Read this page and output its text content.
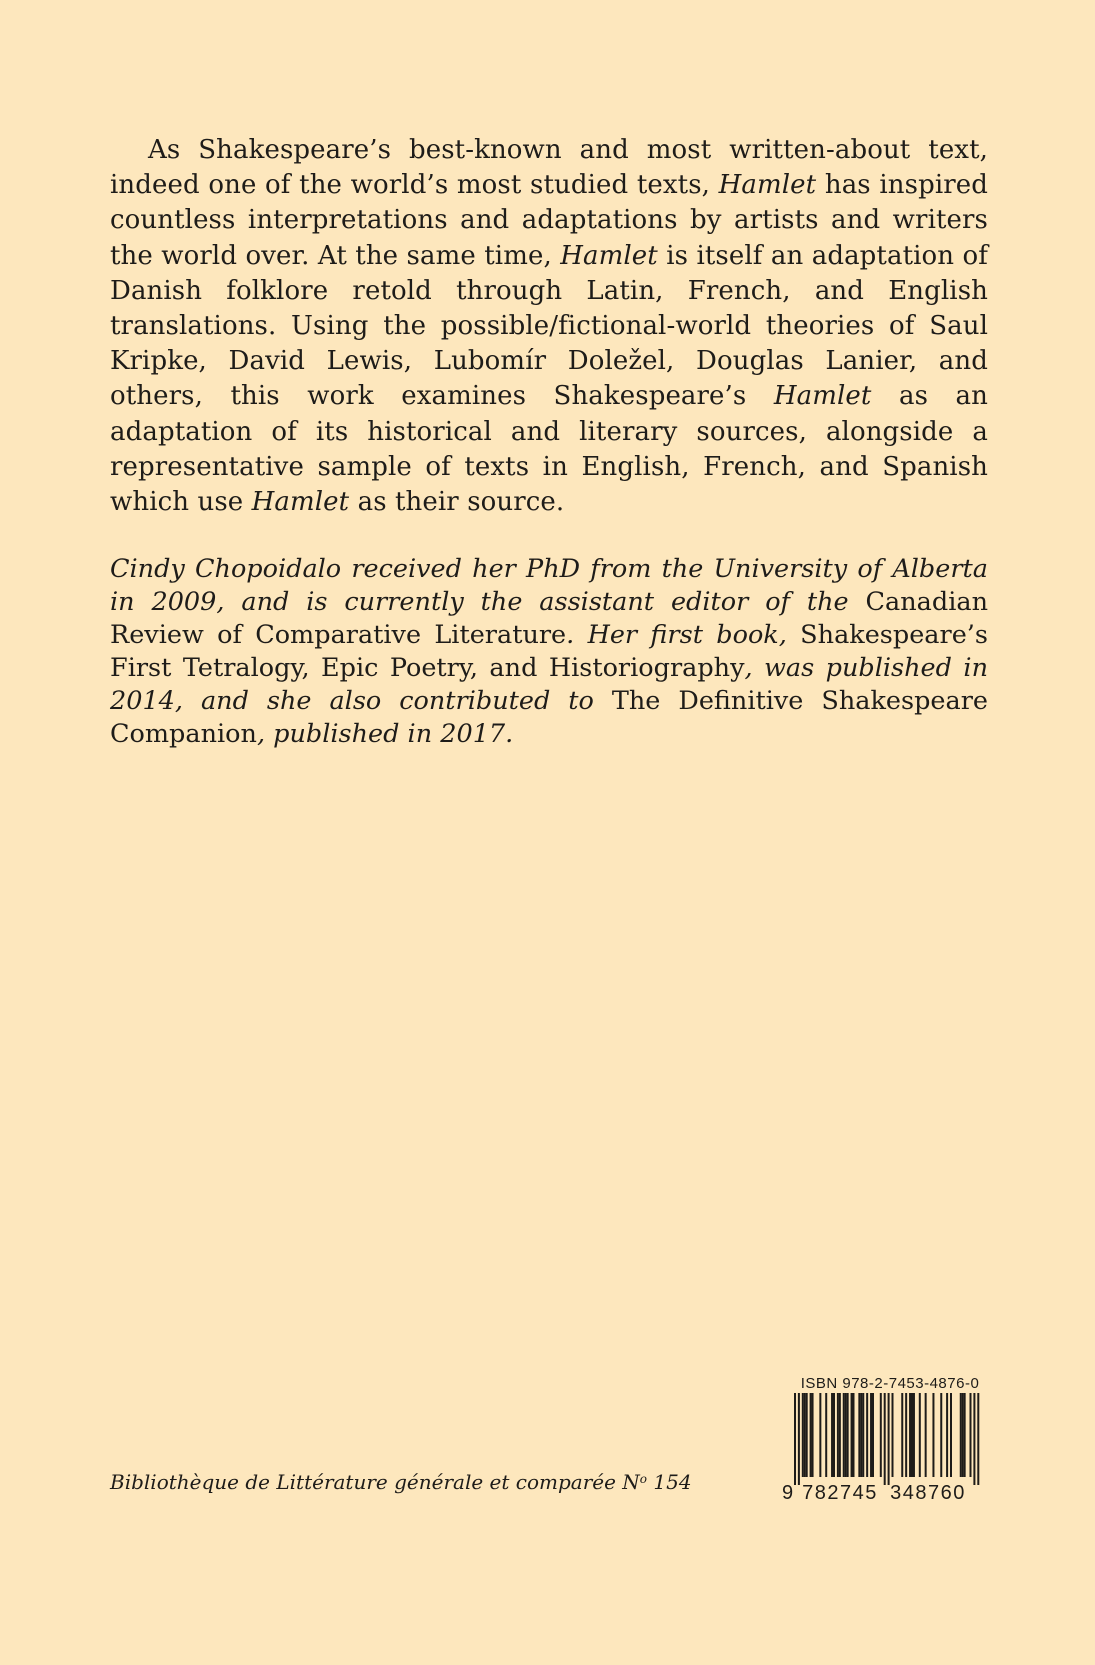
As Shakespeare’s best-known and most written-about text, indeed one of the world’s most studied texts, Hamlet has inspired countless interpretations and adaptations by artists and writers the world over. At the same time, Hamlet is itself an adaptation of Danish folklore retold through Latin, French, and English translations. Using the possible/fictional-world theories of Saul Kripke, David Lewis, Lubomír Doležel, Douglas Lanier, and others, this work examines Shakespeare’s Hamlet as an adaptation of its historical and literary sources, alongside a representative sample of texts in English, French, and Spanish which use Hamlet as their source.

Cindy Chopoidalo received her PhD from the University of Alberta in 2009, and is currently the assistant editor of the Canadian Review of Comparative Literature. Her first book, Shakespeare’s First Tetralogy, Epic Poetry, and Historiography, was published in 2014, and she also contributed to The Definitive Shakespeare Companion, published in 2017.

Bibliothèque de Littérature générale et comparée $N^o$ 154
ISBN 978-2-7453-4876-0
9 782745 348760
